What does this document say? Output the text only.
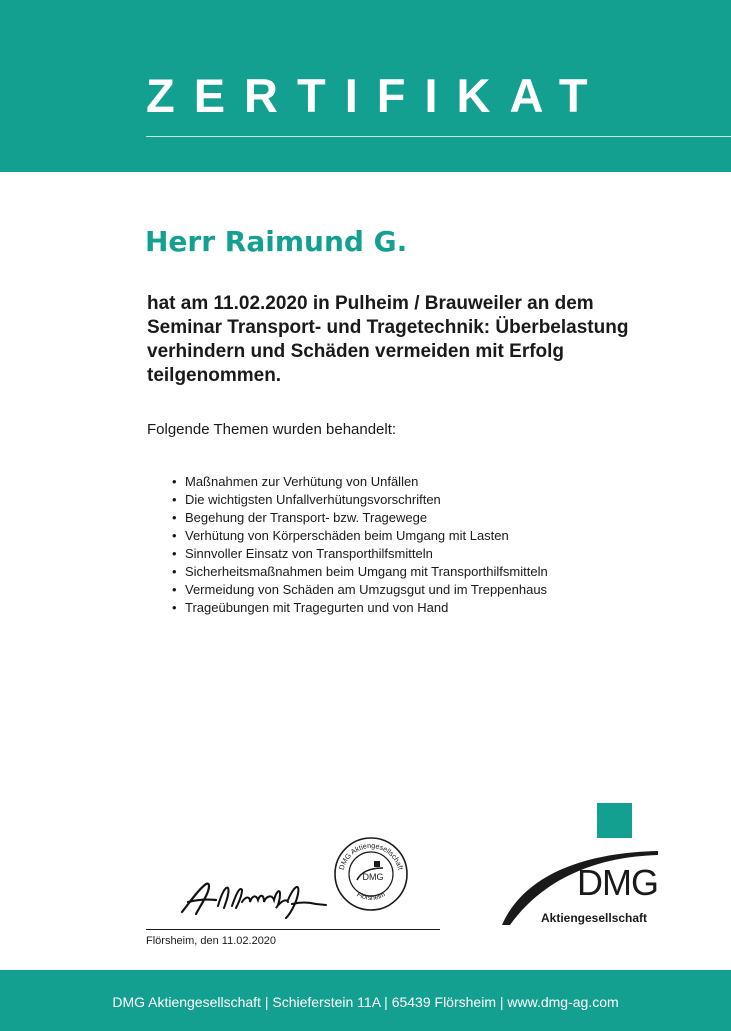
ZERTIFIKAT
Herr Raimund G.
hat am 11.02.2020 in Pulheim / Brauweiler an dem Seminar Transport- und Tragetechnik: Überbelastung verhindern und Schäden vermeiden mit Erfolg teilgenommen.
Folgende Themen wurden behandelt:
• Maßnahmen zur Verhütung von Unfällen
• Die wichtigsten Unfallverhütungsvorschriften
• Begehung der Transport- bzw. Tragewege
• Verhütung von Körperschäden beim Umgang mit Lasten
• Sinnvoller Einsatz von Transporthilfsmitteln
• Sicherheitsmaßnahmen beim Umgang mit Transporthilfsmitteln
• Vermeidung von Schäden am Umzugsgut und im Treppenhaus
• Trageübungen mit Tragegurten und von Hand
DMG Aktiengesellschaft
Flörsheim
DMG
Flörsheim, den 11.02.2020
DMG
Aktiengesellschaft
DMG Aktiengesellschaft | Schieferstein 11A | 65439 Flörsheim | www.dmg-ag.com
